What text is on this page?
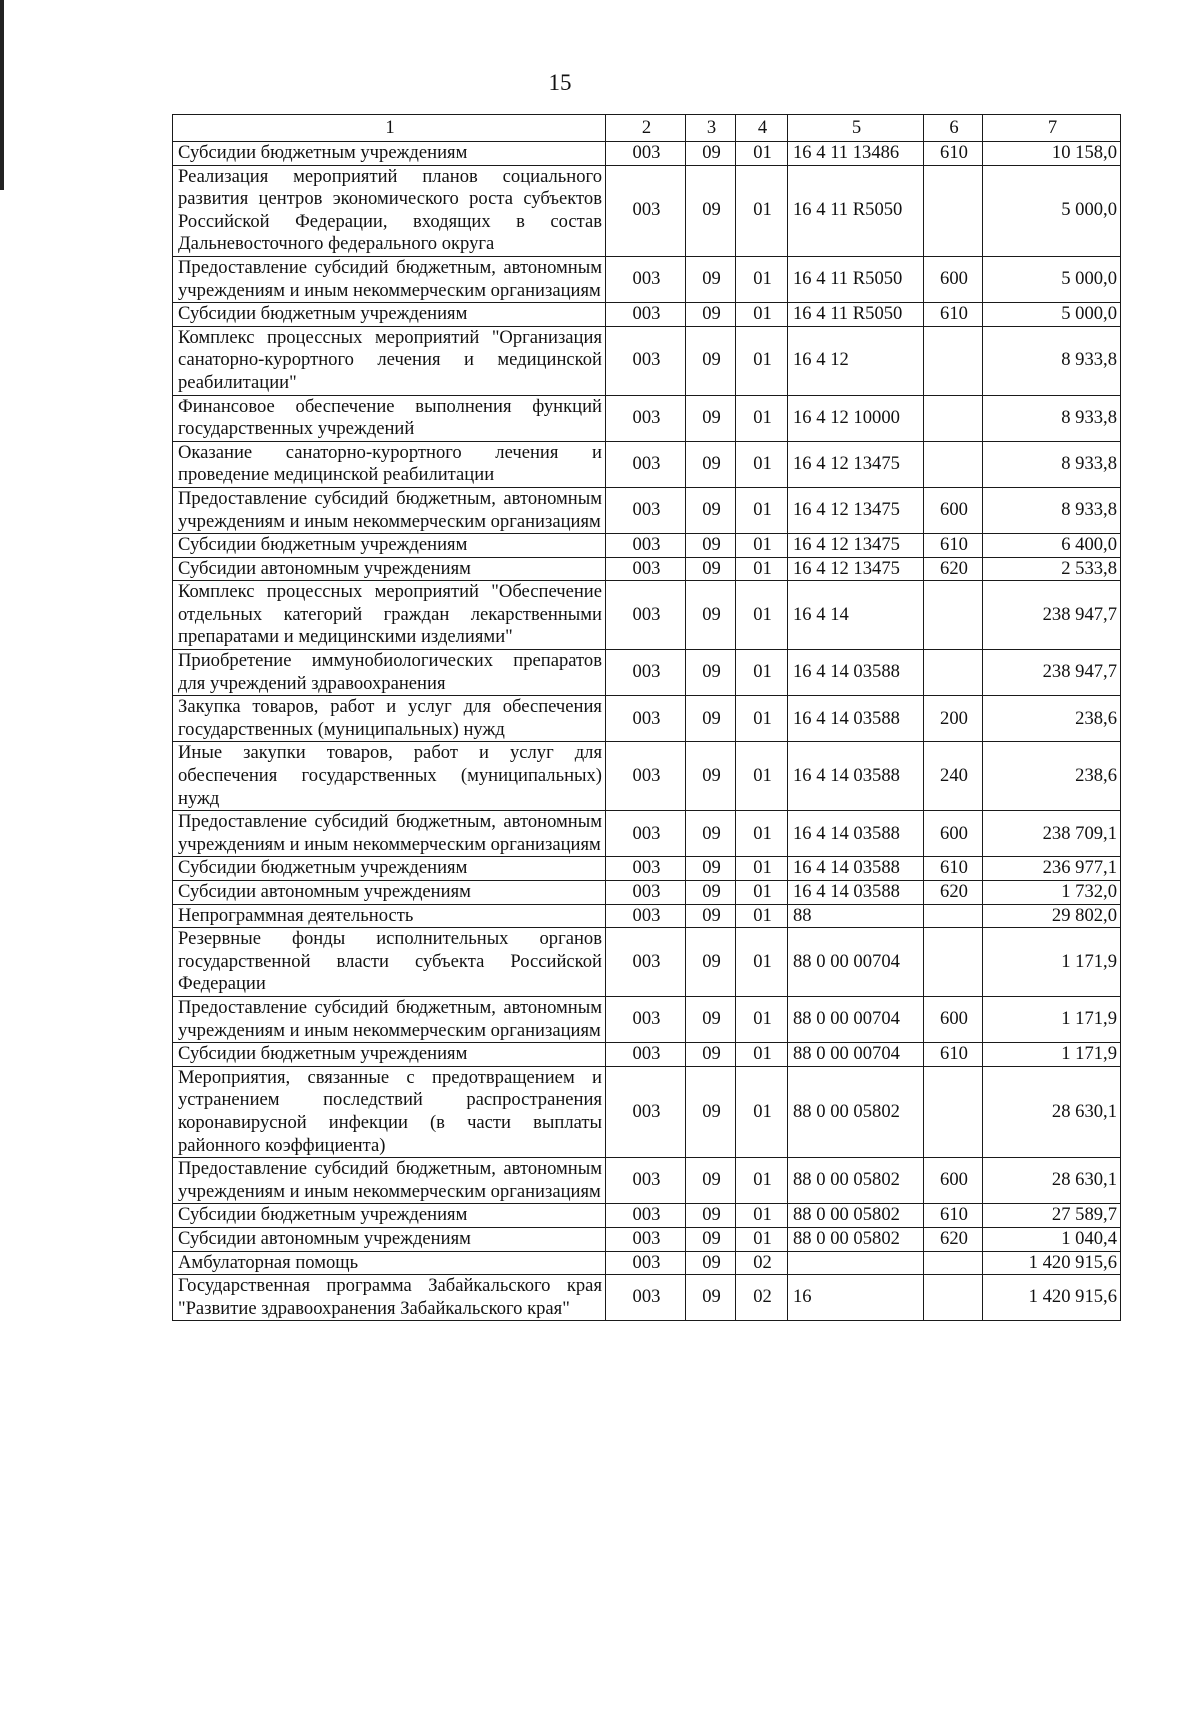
15
1	2	3	4	5	6	7
Субсидии бюджетным учреждениям	003	09	01	16 4 11 13486	610	10 158,0
Реализация мероприятий планов социального развития центров экономического роста субъектов Российской Федерации, входящих в состав Дальневосточного федерального округа	003	09	01	16 4 11 R5050		5 000,0
Предоставление субсидий бюджетным, автономным учреждениям и иным некоммерческим организациям	003	09	01	16 4 11 R5050	600	5 000,0
Субсидии бюджетным учреждениям	003	09	01	16 4 11 R5050	610	5 000,0
Комплекс процессных мероприятий "Организация санаторно-курортного лечения и медицинской реабилитации"	003	09	01	16 4 12		8 933,8
Финансовое обеспечение выполнения функций государственных учреждений	003	09	01	16 4 12 10000		8 933,8
Оказание санаторно-курортного лечения и проведение медицинской реабилитации	003	09	01	16 4 12 13475		8 933,8
Предоставление субсидий бюджетным, автономным учреждениям и иным некоммерческим организациям	003	09	01	16 4 12 13475	600	8 933,8
Субсидии бюджетным учреждениям	003	09	01	16 4 12 13475	610	6 400,0
Субсидии автономным учреждениям	003	09	01	16 4 12 13475	620	2 533,8
Комплекс процессных мероприятий "Обеспечение отдельных категорий граждан лекарственными препаратами и медицинскими изделиями"	003	09	01	16 4 14		238 947,7
Приобретение иммунобиологических препаратов для учреждений здравоохранения	003	09	01	16 4 14 03588		238 947,7
Закупка товаров, работ и услуг для обеспечения государственных (муниципальных) нужд	003	09	01	16 4 14 03588	200	238,6
Иные закупки товаров, работ и услуг для обеспечения государственных (муниципальных) нужд	003	09	01	16 4 14 03588	240	238,6
Предоставление субсидий бюджетным, автономным учреждениям и иным некоммерческим организациям	003	09	01	16 4 14 03588	600	238 709,1
Субсидии бюджетным учреждениям	003	09	01	16 4 14 03588	610	236 977,1
Субсидии автономным учреждениям	003	09	01	16 4 14 03588	620	1 732,0
Непрограммная деятельность	003	09	01	88		29 802,0
Резервные фонды исполнительных органов государственной власти субъекта Российской Федерации	003	09	01	88 0 00 00704		1 171,9
Предоставление субсидий бюджетным, автономным учреждениям и иным некоммерческим организациям	003	09	01	88 0 00 00704	600	1 171,9
Субсидии бюджетным учреждениям	003	09	01	88 0 00 00704	610	1 171,9
Мероприятия, связанные с предотвращением и устранением последствий распространения коронавирусной инфекции (в части выплаты районного коэффициента)	003	09	01	88 0 00 05802		28 630,1
Предоставление субсидий бюджетным, автономным учреждениям и иным некоммерческим организациям	003	09	01	88 0 00 05802	600	28 630,1
Субсидии бюджетным учреждениям	003	09	01	88 0 00 05802	610	27 589,7
Субсидии автономным учреждениям	003	09	01	88 0 00 05802	620	1 040,4
Амбулаторная помощь	003	09	02			1 420 915,6
Государственная программа Забайкальского края "Развитие здравоохранения Забайкальского края"	003	09	02	16		1 420 915,6
